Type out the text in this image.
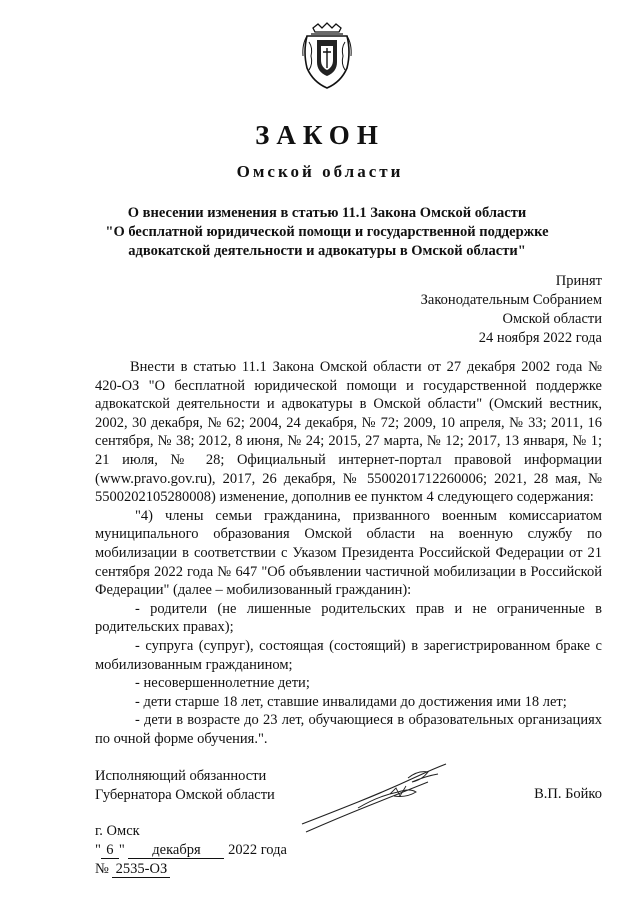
ЗАКОН
Омской области
О внесении изменения в статью 11.1 Закона Омской области
"О бесплатной юридической помощи и государственной поддержке
адвокатской деятельности и адвокатуры в Омской области"
Принят
Законодательным Собранием
Омской области
24 ноября 2022 года

Внести в статью 11.1 Закона Омской области от 27 декабря 2002 года № 420-ОЗ "О бесплатной юридической помощи и государственной поддержке адвокатской деятельности и адвокатуры в Омской области" (Омский вестник, 2002, 30 декабря, № 62; 2004, 24 декабря, № 72; 2009, 10 апреля, № 33; 2011, 16 сентября, № 38; 2012, 8 июня, № 24; 2015, 27 марта, № 12; 2017, 13 января, № 1; 21 июля, № 28; Официальный интернет-портал правовой информации (www.pravo.gov.ru), 2017, 26 декабря, № 5500201712260006; 2021, 28 мая, № 5500202105280008) изменение, дополнив ее пунктом 4 следующего содержания:

"4) члены семьи гражданина, призванного военным комиссариатом муниципального образования Омской области на военную службу по мобилизации в соответствии с Указом Президента Российской Федерации от 21 сентября 2022 года № 647 "Об объявлении частичной мобилизации в Российской Федерации" (далее – мобилизованный гражданин):

- родители (не лишенные родительских прав и не ограниченные в родительских правах);

- супруга (супруг), состоящая (состоящий) в зарегистрированном браке с мобилизованным гражданином;

- несовершеннолетние дети;

- дети старше 18 лет, ставшие инвалидами до достижения ими 18 лет;

- дети в возрасте до 23 лет, обучающиеся в образовательных организациях по очной форме обучения.".

Исполняющий обязанности
Губернатора Омской области	В.П. Бойко
г. Омск
" 6 " декабря 2022 года
№ 2535-ОЗ
